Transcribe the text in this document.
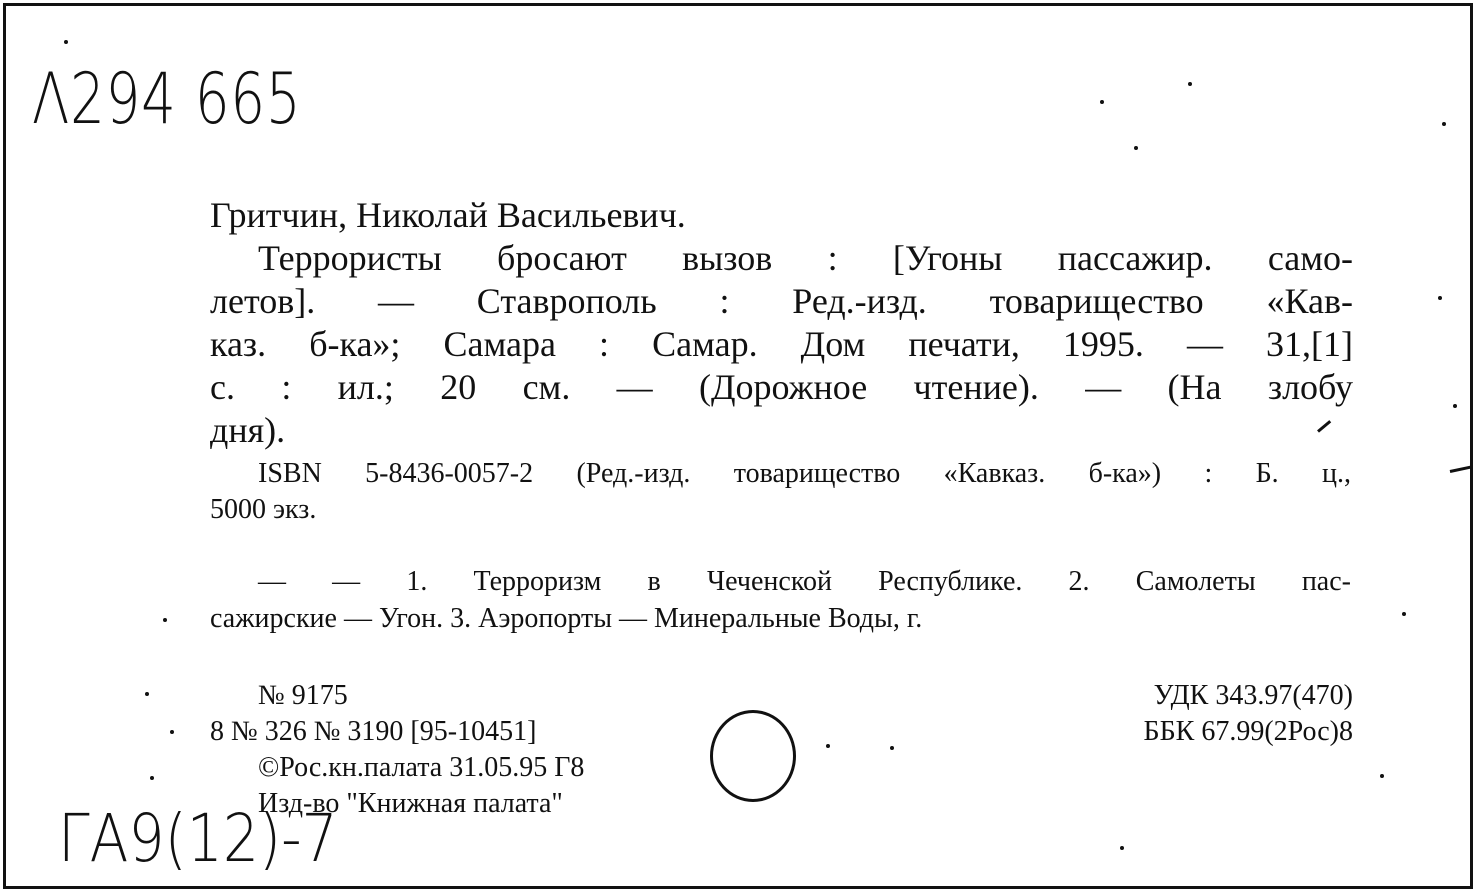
Λ294 665
Гритчин, Николай Васильевич.
Террористы бросают вызов : [Угоны пассажир. само-
летов]. — Ставрополь : Ред.-изд. товарищество «Кав-
каз. б-ка»; Самара : Самар. Дом печати, 1995. — 31,[1]
с. : ил.; 20 см. — (Дорожное чтение). — (На злобу
дня).
ISBN 5-8436-0057-2 (Ред.-изд. товарищество «Кавказ. б-ка») : Б. ц.,
5000 экз.
— — 1. Терроризм в Чеченской Республике. 2. Самолеты пас-
сажирские — Угон. 3. Аэропорты — Минеральные Воды, г.
№ 9175
8 № 326 № 3190 [95-10451]
©Рос.кн.палата 31.05.95 Г8
Изд-во "Книжная палата"
УДК 343.97(470)
ББК 67.99(2Рос)8
ГА9(12)-7
